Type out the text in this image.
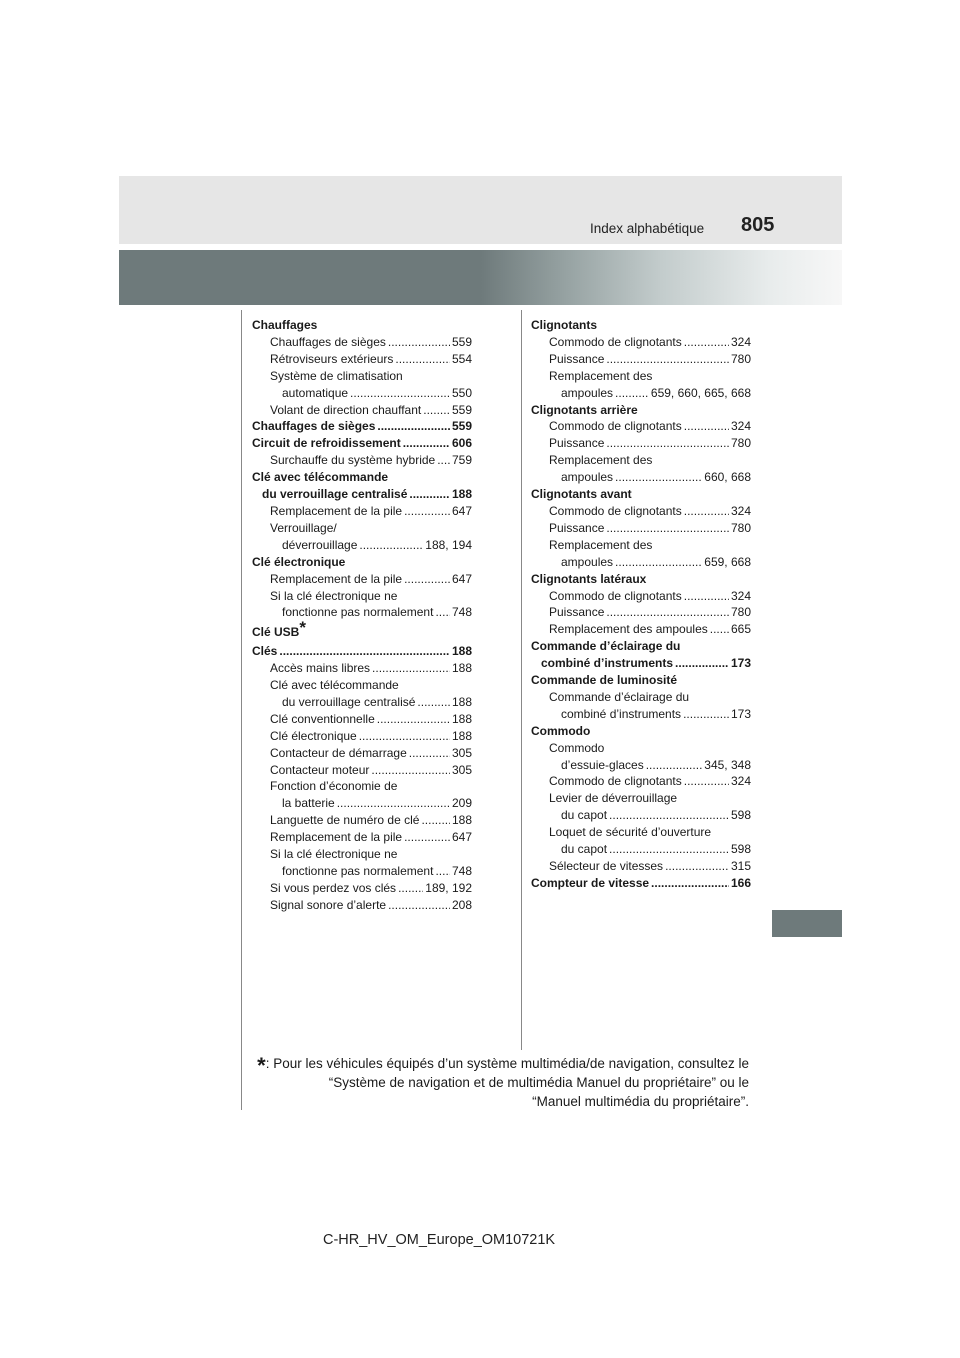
Index alphabétique 805
Chauffages
Chauffages de sièges .....	559
Rétroviseurs extérieurs .....	554
Système de climatisation
automatique .....	550
Volant de direction chauffant .....	559
Chauffages de sièges .....	559
Circuit de refroidissement .....	606
Surchauffe du système hybride ..... 759
Clé avec télécommande
du verrouillage centralisé .....	188
Remplacement de la pile .....	647
Verrouillage/
déverrouillage .....	188, 194
Clé électronique
Remplacement de la pile .....	647
Si la clé électronique ne
fonctionne pas normalement ..... 748
Clé USB *
Clés .....	188
Accès mains libres .....	188
Clé avec télécommande
du verrouillage centralisé .....	188
Clé conventionnelle .....	188
Clé électronique .....	188
Contacteur de démarrage .....	305
Contacteur moteur .....	305
Fonction d’économie de
la batterie .....	209
Languette de numéro de clé .....	188
Remplacement de la pile .....	647
Si la clé électronique ne
fonctionne pas normalement ..... 748
Si vous perdez vos clés ..... 189, 192
Signal sonore d’alerte .....	208
Clignotants
Commodo de clignotants .....	324
Puissance .....	780
Remplacement des
ampoules .....	659, 660, 665, 668
Clignotants arrière
Commodo de clignotants .....	324
Puissance .....	780
Remplacement des
ampoules .....	660, 668
Clignotants avant
Commodo de clignotants .....	324
Puissance .....	780
Remplacement des
ampoules .....	659, 668
Clignotants latéraux
Commodo de clignotants .....	324
Puissance .....	780
Remplacement des ampoules ..... 665
Commande d’éclairage du
combiné d’instruments .....	173
Commande de luminosité
Commande d’éclairage du
combiné d’instruments .....	173
Commodo
Commodo
d’essuie-glaces .....	345, 348
Commodo de clignotants .....	324
Levier de déverrouillage
du capot .....	598
Loquet de sécurité d’ouverture
du capot .....	598
Sélecteur de vitesses .....	315
Compteur de vitesse .....	166
*: Pour les véhicules équipés d’un système multimédia/de navigation, consultez le
“Système de navigation et de multimédia Manuel du propriétaire” ou le
“Manuel multimédia du propriétaire”.
C-HR_HV_OM_Europe_OM10721K
